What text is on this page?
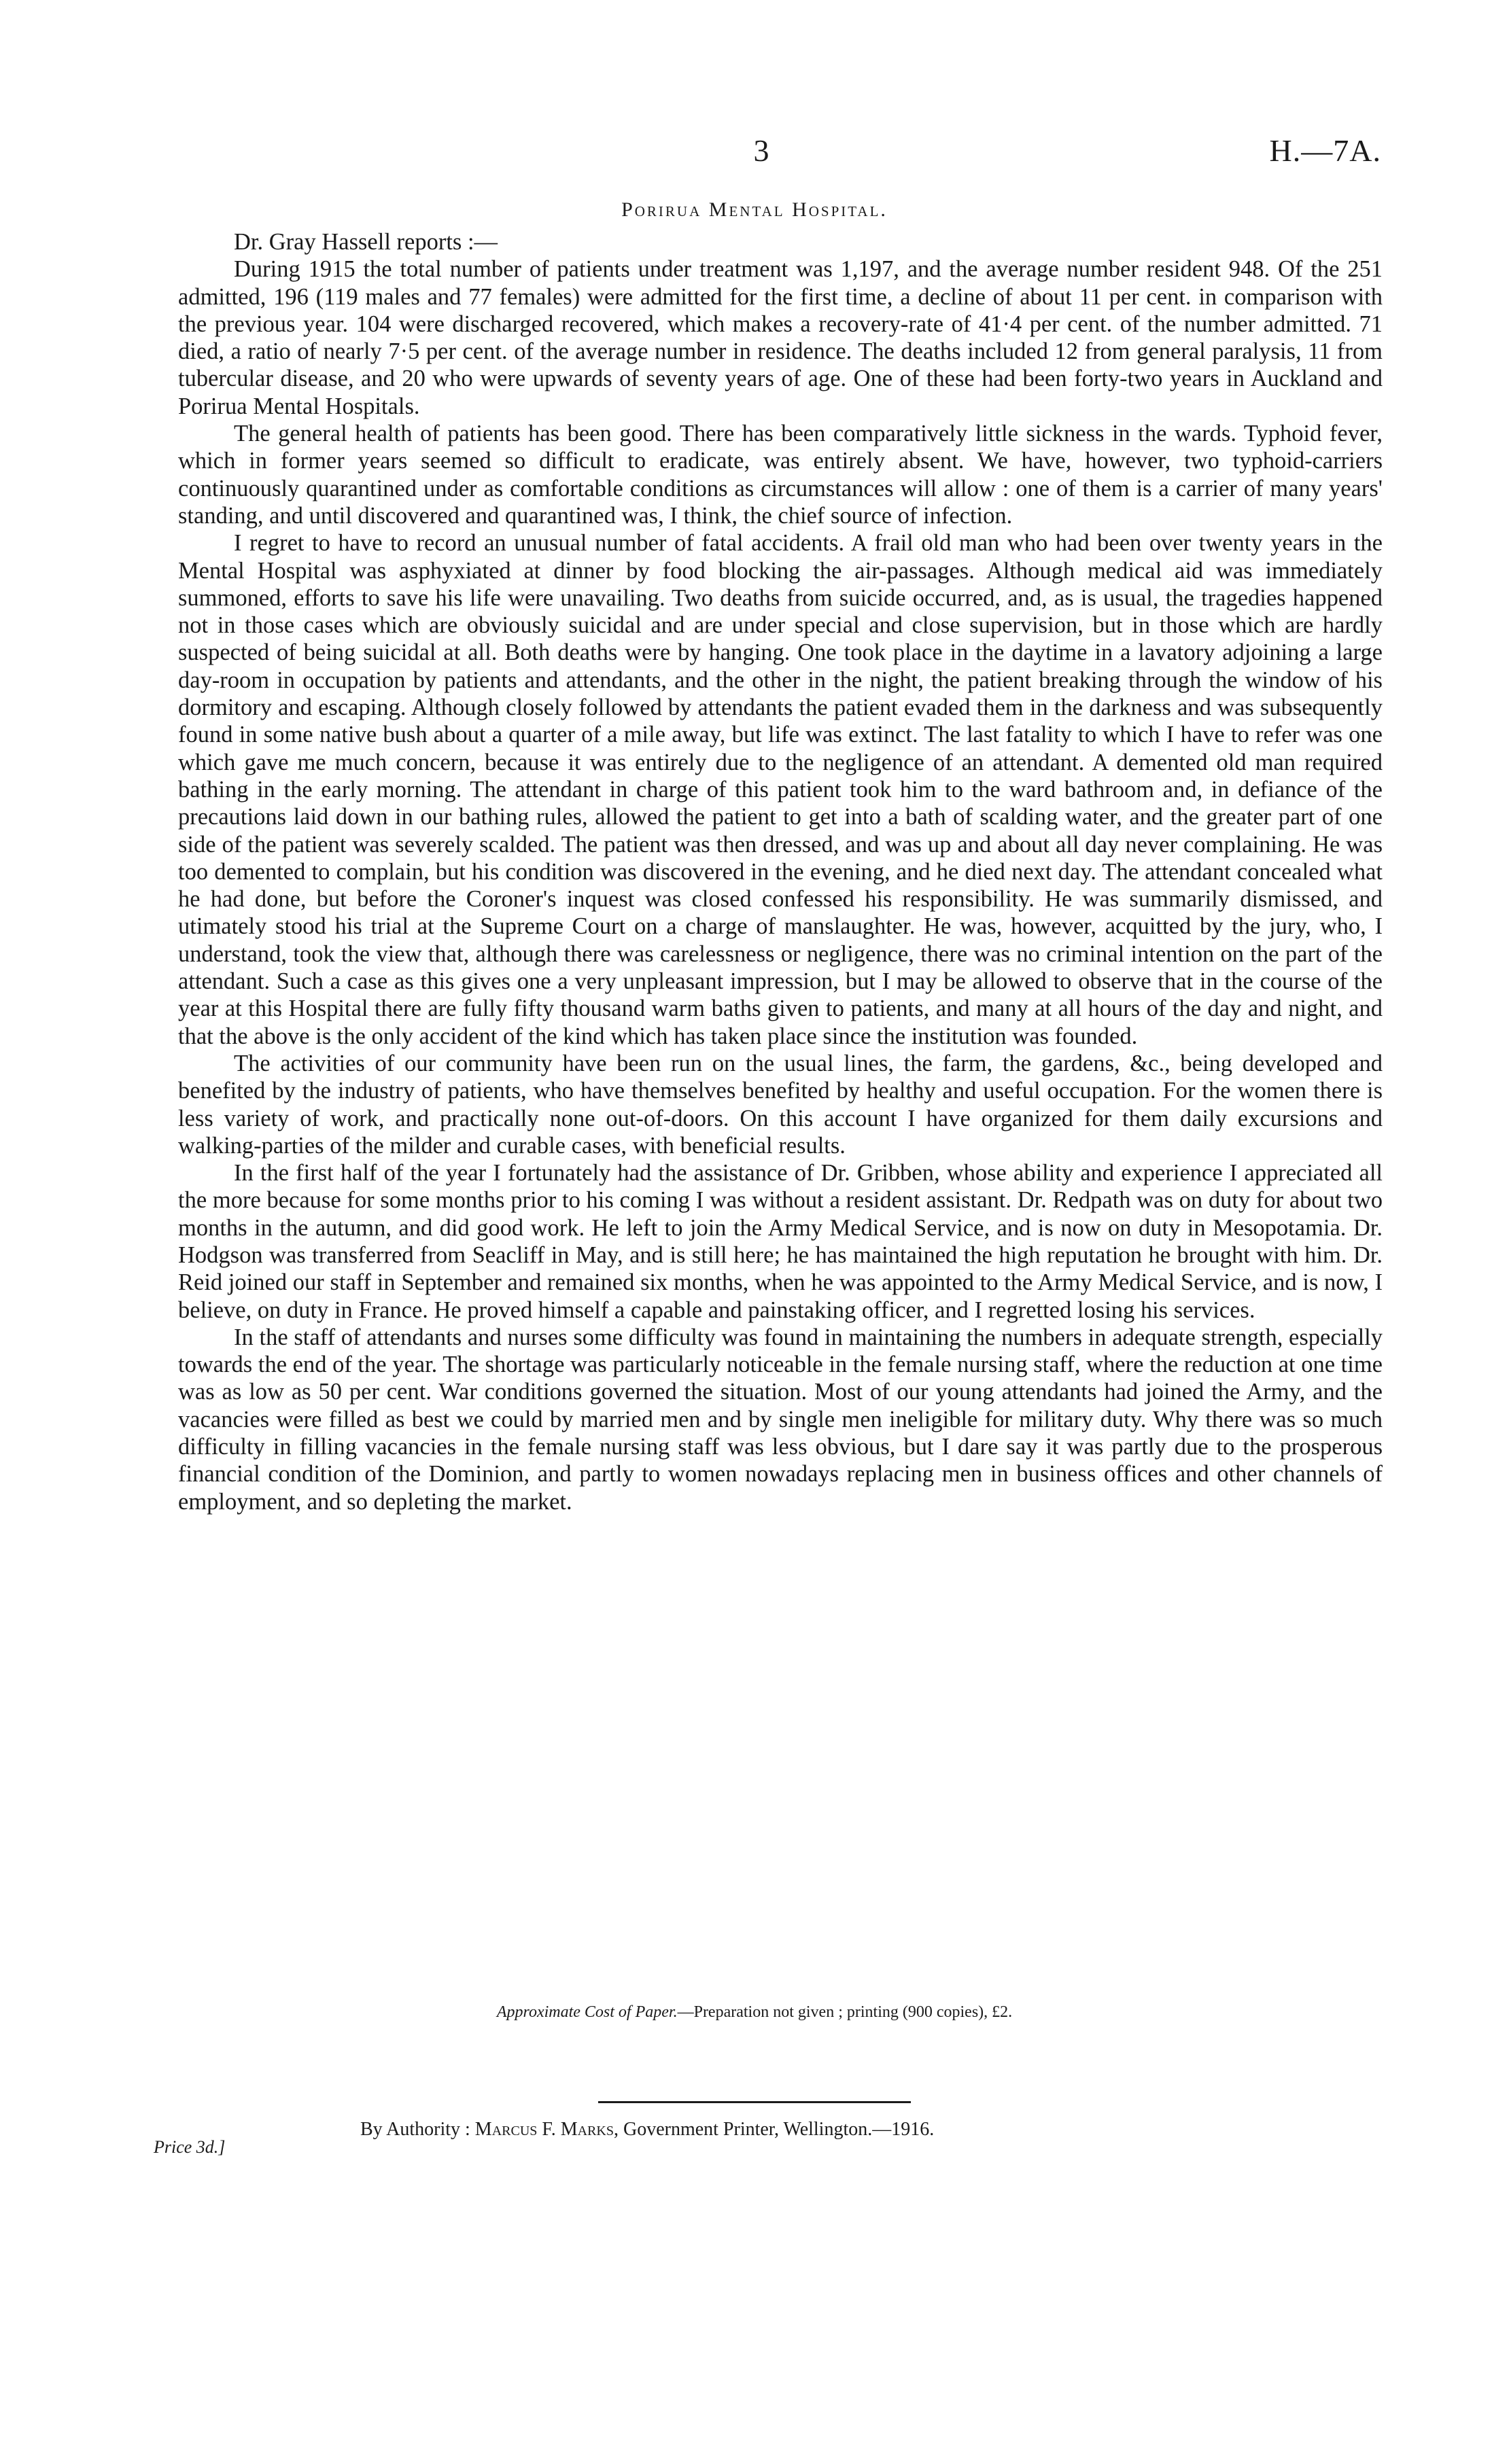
3	H.—7A.
Porirua Mental Hospital.

Dr. Gray Hassell reports :—

During 1915 the total number of patients under treatment was 1,197, and the average number resident 948. Of the 251 admitted, 196 (119 males and 77 females) were admitted for the first time, a decline of about 11 per cent. in comparison with the previous year. 104 were discharged recovered, which makes a recovery-rate of 41·4 per cent. of the number admitted. 71 died, a ratio of nearly 7·5 per cent. of the average number in residence. The deaths included 12 from general paralysis, 11 from tubercular disease, and 20 who were upwards of seventy years of age. One of these had been forty-two years in Auckland and Porirua Mental Hospitals.

The general health of patients has been good. There has been comparatively little sickness in the wards. Typhoid fever, which in former years seemed so difficult to eradicate, was entirely absent. We have, however, two typhoid-carriers continuously quarantined under as comfortable conditions as circumstances will allow : one of them is a carrier of many years' standing, and until discovered and quarantined was, I think, the chief source of infection.

I regret to have to record an unusual number of fatal accidents. A frail old man who had been over twenty years in the Mental Hospital was asphyxiated at dinner by food blocking the air-passages. Although medical aid was immediately summoned, efforts to save his life were unavailing. Two deaths from suicide occurred, and, as is usual, the tragedies happened not in those cases which are obviously suicidal and are under special and close supervision, but in those which are hardly suspected of being suicidal at all. Both deaths were by hanging. One took place in the daytime in a lavatory adjoining a large day-room in occupation by patients and attendants, and the other in the night, the patient breaking through the window of his dormitory and escaping. Although closely followed by attendants the patient evaded them in the darkness and was subsequently found in some native bush about a quarter of a mile away, but life was extinct. The last fatality to which I have to refer was one which gave me much concern, because it was entirely due to the negligence of an attendant. A demented old man required bathing in the early morning. The attendant in charge of this patient took him to the ward bathroom and, in defiance of the precautions laid down in our bathing rules, allowed the patient to get into a bath of scalding water, and the greater part of one side of the patient was severely scalded. The patient was then dressed, and was up and about all day never complaining. He was too demented to complain, but his condition was discovered in the evening, and he died next day. The attendant concealed what he had done, but before the Coroner's inquest was closed confessed his responsibility. He was summarily dismissed, and utimately stood his trial at the Supreme Court on a charge of manslaughter. He was, however, acquitted by the jury, who, I understand, took the view that, although there was carelessness or negligence, there was no criminal intention on the part of the attendant. Such a case as this gives one a very unpleasant impression, but I may be allowed to observe that in the course of the year at this Hospital there are fully fifty thousand warm baths given to patients, and many at all hours of the day and night, and that the above is the only accident of the kind which has taken place since the institution was founded.

The activities of our community have been run on the usual lines, the farm, the gardens, &c., being developed and benefited by the industry of patients, who have themselves benefited by healthy and useful occupation. For the women there is less variety of work, and practically none out-of-doors. On this account I have organized for them daily excursions and walking-parties of the milder and curable cases, with beneficial results.

In the first half of the year I fortunately had the assistance of Dr. Gribben, whose ability and experience I appreciated all the more because for some months prior to his coming I was without a resident assistant. Dr. Redpath was on duty for about two months in the autumn, and did good work. He left to join the Army Medical Service, and is now on duty in Mesopotamia. Dr. Hodgson was transferred from Seacliff in May, and is still here; he has maintained the high reputation he brought with him. Dr. Reid joined our staff in September and remained six months, when he was appointed to the Army Medical Service, and is now, I believe, on duty in France. He proved himself a capable and painstaking officer, and I regretted losing his services.

In the staff of attendants and nurses some difficulty was found in maintaining the numbers in adequate strength, especially towards the end of the year. The shortage was particularly noticeable in the female nursing staff, where the reduction at one time was as low as 50 per cent. War conditions governed the situation. Most of our young attendants had joined the Army, and the vacancies were filled as best we could by married men and by single men ineligible for military duty. Why there was so much difficulty in filling vacancies in the female nursing staff was less obvious, but I dare say it was partly due to the prosperous financial condition of the Dominion, and partly to women nowadays replacing men in business offices and other channels of employment, and so depleting the market.

Approximate Cost of Paper.—Preparation not given ; printing (900 copies), £2.
Price 3d.]
By Authority : Marcus F. Marks, Government Printer, Wellington.—1916.
